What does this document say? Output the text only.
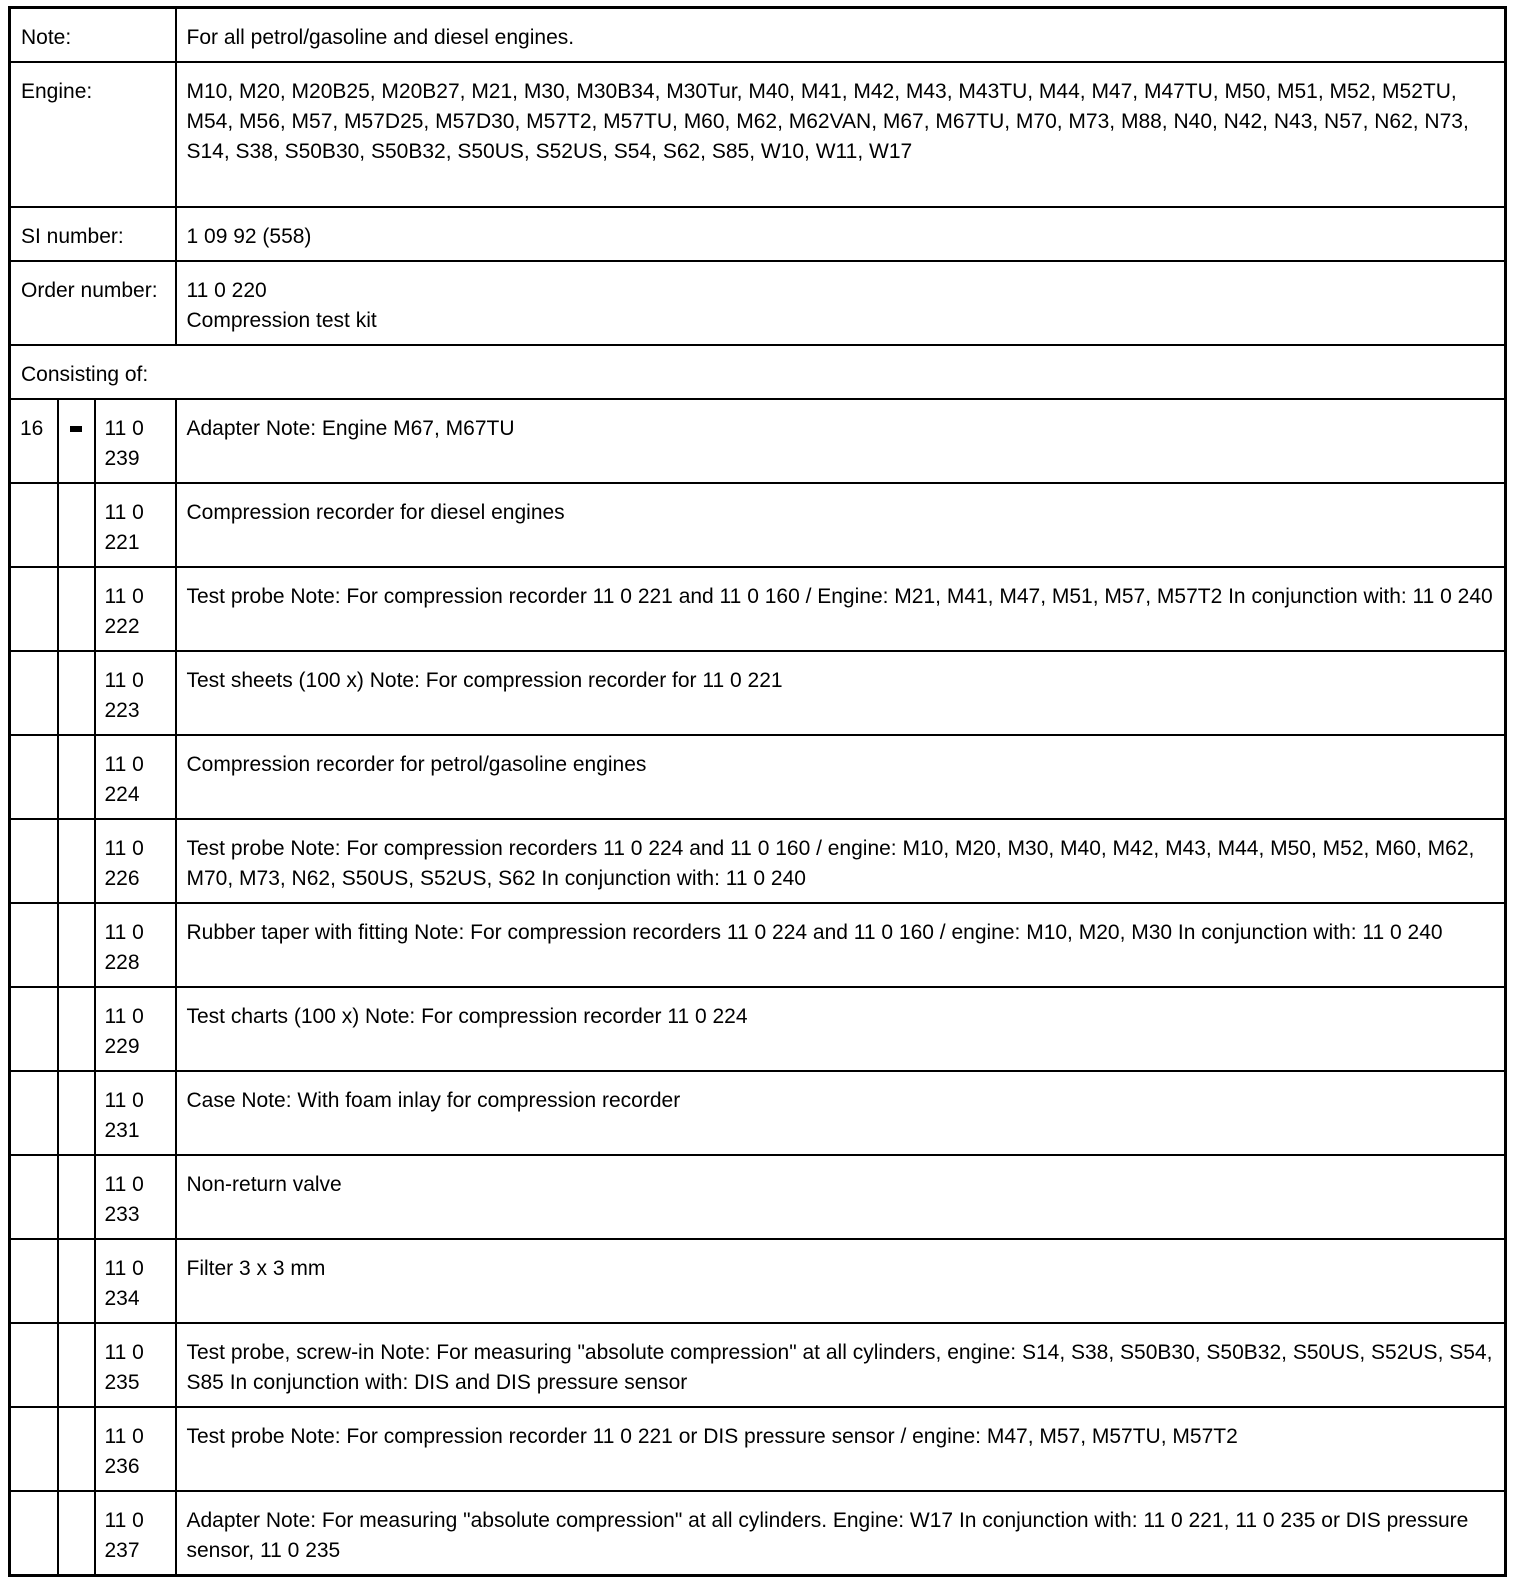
Note:			For all petrol/gasoline and diesel engines.

Engine:			M10, M20, M20B25, M20B27, M21, M30, M30B34, M30Tur, M40, M41, M42, M43, M43TU, M44, M47, M47TU, M50, M51, M52, M52TU, M54, M56, M57, M57D25, M57D30, M57T2, M57TU, M60, M62, M62VAN, M67, M67TU, M70, M73, M88, N40, N42, N43, N57, N62, N73, S14, S38, S50B30, S50B32, S50US, S52US, S54, S62, S85, W10, W11, W17

SI number:			1 09 92 (558)

Order number:			11 0 220
Compression test kit

Consisting of:			
16		11 0 239	Adapter Note: Engine M67, M67TU
		11 0 221	Compression recorder for diesel engines
		11 0 222	Test probe Note: For compression recorder 11 0 221 and 11 0 160 / Engine: M21, M41, M47, M51, M57, M57T2 In conjunction with: 11 0 240
		11 0 223	Test sheets (100 x) Note: For compression recorder for 11 0 221
		11 0 224	Compression recorder for petrol/gasoline engines
		11 0 226	Test probe Note: For compression recorders 11 0 224 and 11 0 160 / engine: M10, M20, M30, M40, M42, M43, M44, M50, M52, M60, M62, M70, M73, N62, S50US, S52US, S62 In conjunction with: 11 0 240
		11 0 228	Rubber taper with fitting Note: For compression recorders 11 0 224 and 11 0 160 / engine: M10, M20, M30 In conjunction with: 11 0 240
		11 0 229	Test charts (100 x) Note: For compression recorder 11 0 224
		11 0 231	Case Note: With foam inlay for compression recorder
		11 0 233	Non-return valve
		11 0 234	Filter 3 x 3 mm
		11 0 235	Test probe, screw-in Note: For measuring "absolute compression" at all cylinders, engine: S14, S38, S50B30, S50B32, S50US, S52US, S54, S85 In conjunction with: DIS and DIS pressure sensor
		11 0 236	Test probe Note: For compression recorder 11 0 221 or DIS pressure sensor / engine: M47, M57, M57TU, M57T2
		11 0 237	Adapter Note: For measuring "absolute compression" at all cylinders. Engine: W17 In conjunction with: 11 0 221, 11 0 235 or DIS pressure sensor, 11 0 235
